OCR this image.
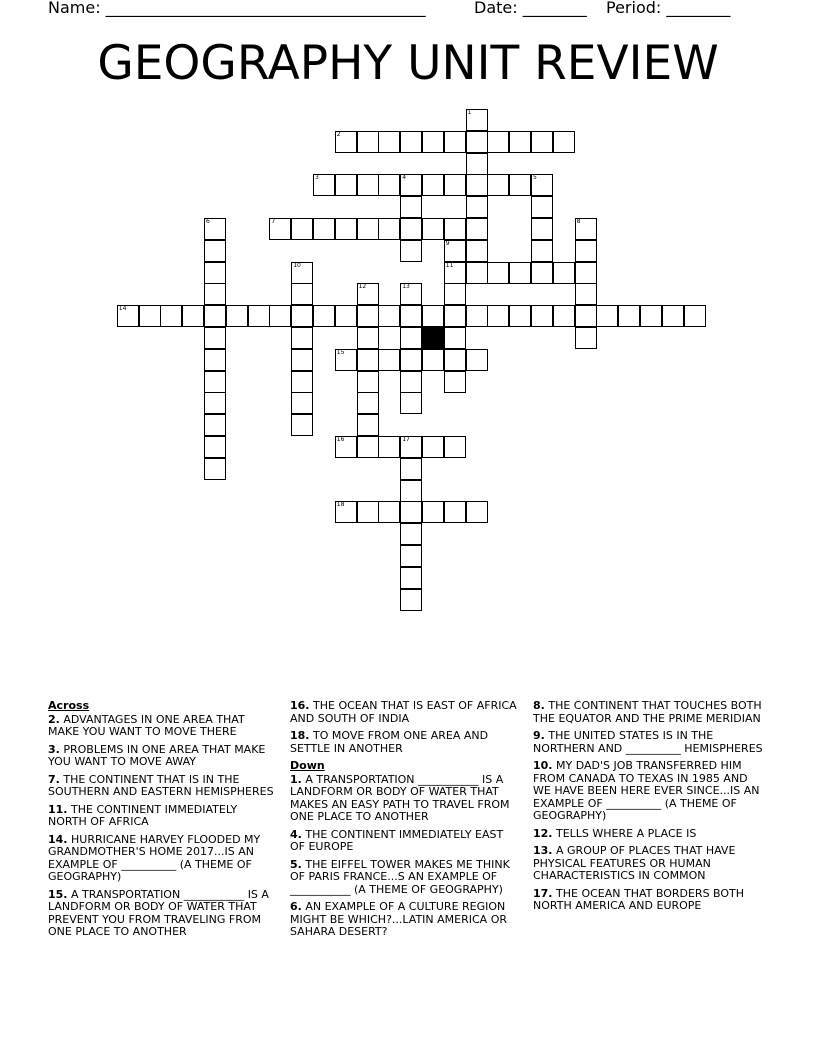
Name: ________________________________________	Date: ________ Period: ________
GEOGRAPHY UNIT REVIEW
1
2
3	4	5
6	7	8
9
11
10
12	13
14
15
16	17
18
Across
2. ADVANTAGES IN ONE AREA THAT MAKE YOU WANT TO MOVE THERE
3. PROBLEMS IN ONE AREA THAT MAKE YOU WANT TO MOVE AWAY
7. THE CONTINENT THAT IS IN THE SOUTHERN AND EASTERN HEMISPHERES
11. THE CONTINENT IMMEDIATELY NORTH OF AFRICA
14. HURRICANE HARVEY FLOODED MY GRANDMOTHER'S HOME 2017...IS AN EXAMPLE OF __________ (A THEME OF GEOGRAPHY)
15. A TRANSPORTATION ___________ IS A LANDFORM OR BODY OF WATER THAT PREVENT YOU FROM TRAVELING FROM ONE PLACE TO ANOTHER
16. THE OCEAN THAT IS EAST OF AFRICA AND SOUTH OF INDIA
18. TO MOVE FROM ONE AREA AND SETTLE IN ANOTHER
Down
1. A TRANSPORTATION ___________ IS A LANDFORM OR BODY OF WATER THAT MAKES AN EASY PATH TO TRAVEL FROM ONE PLACE TO ANOTHER
4. THE CONTINENT IMMEDIATELY EAST OF EUROPE
5. THE EIFFEL TOWER MAKES ME THINK OF PARIS FRANCE...S AN EXAMPLE OF ___________ (A THEME OF GEOGRAPHY)
6. AN EXAMPLE OF A CULTURE REGION MIGHT BE WHICH?...LATIN AMERICA OR SAHARA DESERT?
8. THE CONTINENT THAT TOUCHES BOTH THE EQUATOR AND THE PRIME MERIDIAN
9. THE UNITED STATES IS IN THE NORTHERN AND __________ HEMISPHERES
10. MY DAD'S JOB TRANSFERRED HIM FROM CANADA TO TEXAS IN 1985 AND WE HAVE BEEN HERE EVER SINCE...IS AN EXAMPLE OF __________ (A THEME OF GEOGRAPHY)
12. TELLS WHERE A PLACE IS
13. A GROUP OF PLACES THAT HAVE PHYSICAL FEATURES OR HUMAN CHARACTERISTICS IN COMMON
17. THE OCEAN THAT BORDERS BOTH NORTH AMERICA AND EUROPE
